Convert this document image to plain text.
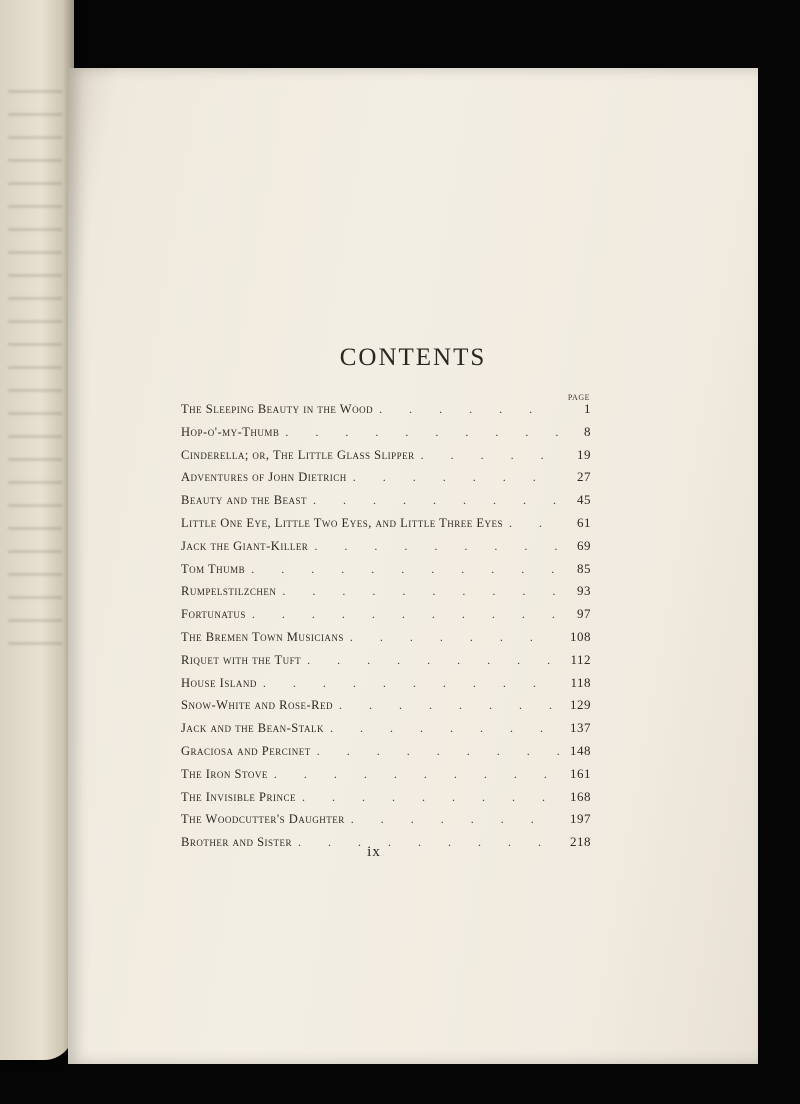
CONTENTS
PAGE
The Sleeping Beauty in the Wood . . .	1
Hop-o'-my-Thumb . . .	8
Cinderella; or, The Little Glass Slipper . . .	19
Adventures of John Dietrich . . .	27
Beauty and the Beast . . .	45
Little One Eye, Little Two Eyes, and Little Three Eyes . . .	61
Jack the Giant-Killer . . .	69
Tom Thumb . . .	85
Rumpelstilzchen . . .	93
Fortunatus . . .	97
The Bremen Town Musicians . . .	108
Riquet with the Tuft . . .	112
House Island . . .	118
Snow-White and Rose-Red . . .	129
Jack and the Bean-Stalk . . .	137
Graciosa and Percinet . . .	148
The Iron Stove . . .	161
The Invisible Prince . . .	168
The Woodcutter's Daughter . . .	197
Brother and Sister . . .	218
ix
